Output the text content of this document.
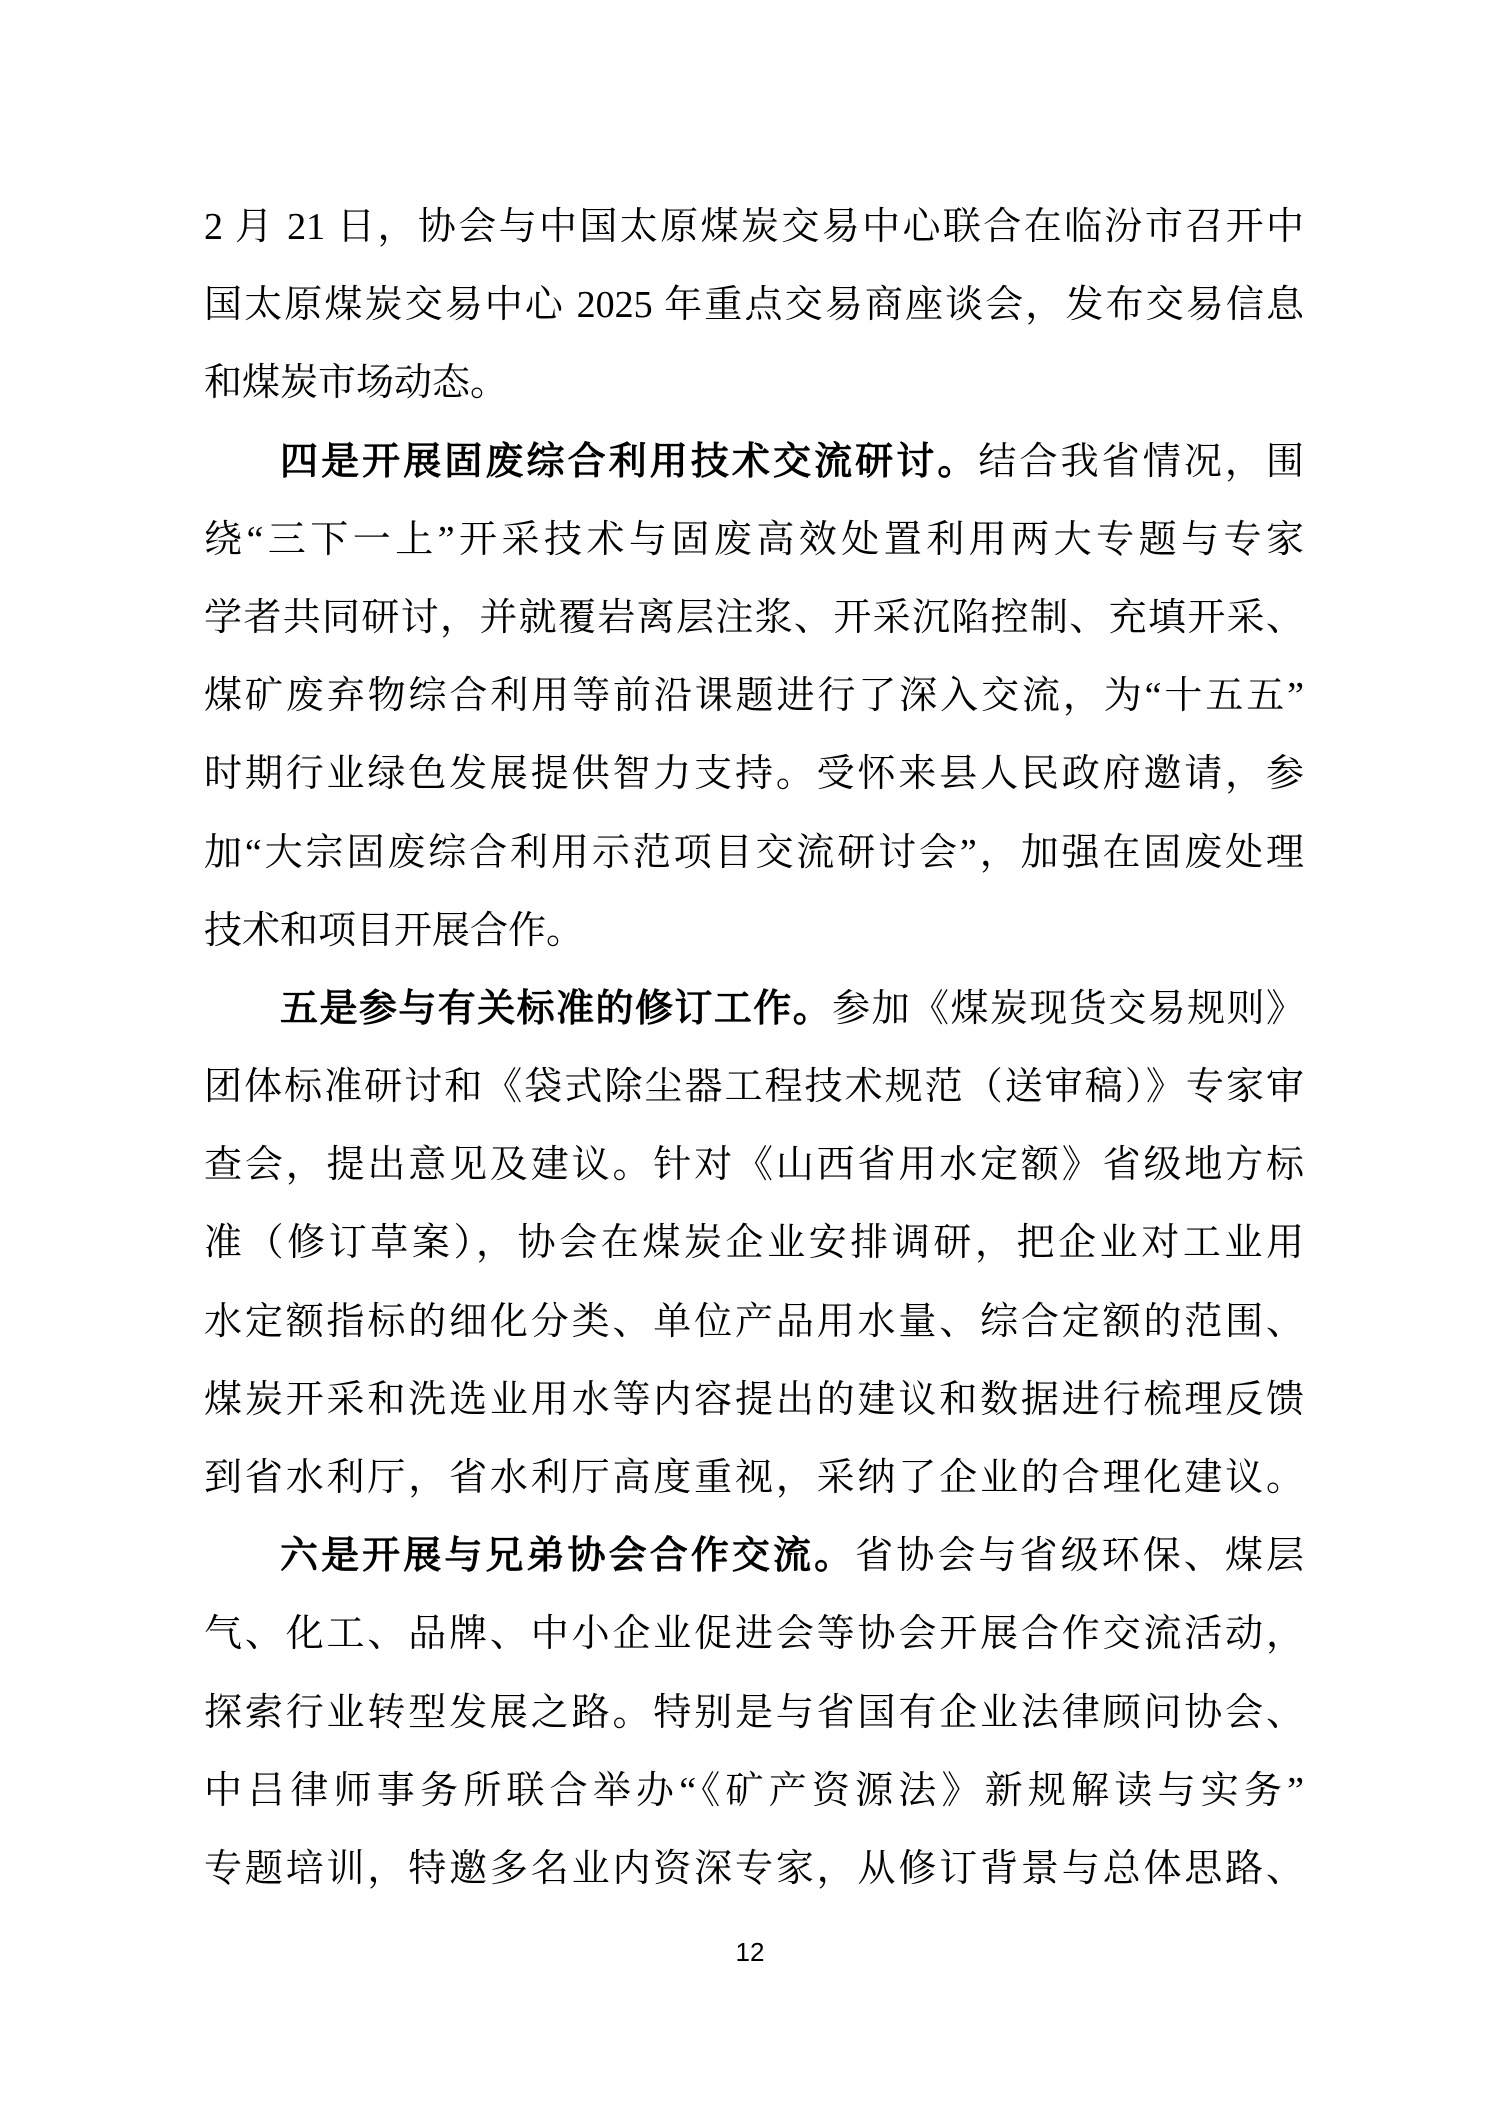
2 月 21 日，协会与中国太原煤炭交易中心联合在临汾市召开中
国太原煤炭交易中心 2025 年重点交易商座谈会，发布交易信息
和煤炭市场动态。
四是开展固废综合利用技术交流研讨。结合我省情况，围
绕“三下一上”开采技术与固废高效处置利用两大专题与专家
学者共同研讨，并就覆岩离层注浆、开采沉陷控制、充填开采、
煤矿废弃物综合利用等前沿课题进行了深入交流，为“十五五”
时期行业绿色发展提供智力支持。受怀来县人民政府邀请，参
加“大宗固废综合利用示范项目交流研讨会”，加强在固废处理
技术和项目开展合作。
五是参与有关标准的修订工作。参加《煤炭现货交易规则》
团体标准研讨和《袋式除尘器工程技术规范（送审稿）》专家审
查会，提出意见及建议。针对《山西省用水定额》省级地方标
准（修订草案），协会在煤炭企业安排调研，把企业对工业用
水定额指标的细化分类、单位产品用水量、综合定额的范围、
煤炭开采和洗选业用水等内容提出的建议和数据进行梳理反馈
到省水利厅，省水利厅高度重视，采纳了企业的合理化建议。
六是开展与兄弟协会合作交流。省协会与省级环保、煤层
气、化工、品牌、中小企业促进会等协会开展合作交流活动，
探索行业转型发展之路。特别是与省国有企业法律顾问协会、
中吕律师事务所联合举办“《矿产资源法》新规解读与实务”
专题培训，特邀多名业内资深专家，从修订背景与总体思路、
12
